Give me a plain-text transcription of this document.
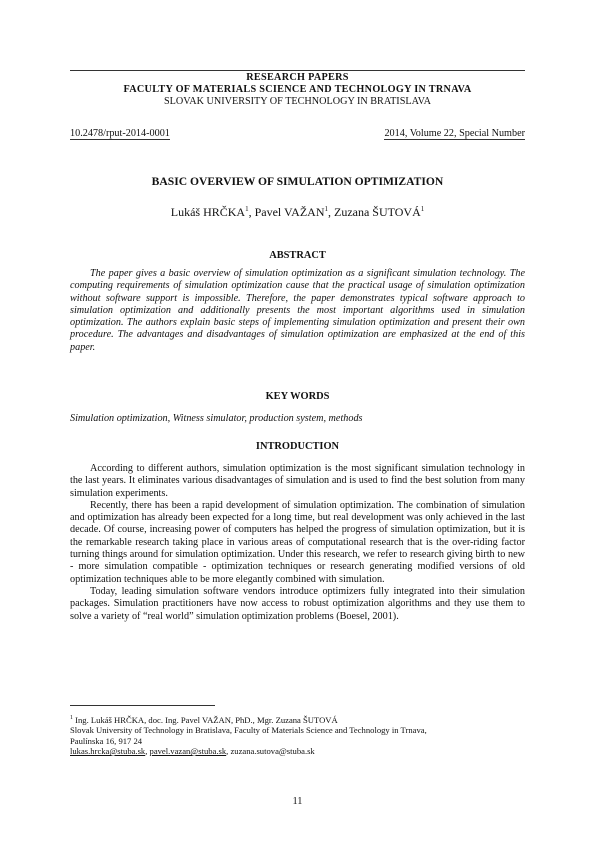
RESEARCH PAPERS
FACULTY OF MATERIALS SCIENCE AND TECHNOLOGY IN TRNAVA
SLOVAK UNIVERSITY OF TECHNOLOGY IN BRATISLAVA
10.2478/rput-2014-0001	2014, Volume 22, Special Number
BASIC OVERVIEW OF SIMULATION OPTIMIZATION
Lukáš HRČKA$^1$, Pavel VAŽAN$^1$, Zuzana ŠUTOVÁ$^1$
ABSTRACT

The paper gives a basic overview of simulation optimization as a significant simulation technology. The computing requirements of simulation optimization cause that the practical usage of simulation optimization without software support is impossible. Therefore, the paper demonstrates typical software approach to simulation optimization and additionally presents the most important algorithms used in simulation optimization. The authors explain basic steps of implementing simulation optimization and present their own procedure. The advantages and disadvantages of simulation optimization are emphasized at the end of this paper.

KEY WORDS
Simulation optimization, Witness simulator, production system, methods
INTRODUCTION

According to different authors, simulation optimization is the most significant simulation technology in the last years. It eliminates various disadvantages of simulation and is used to find the best solution from many simulation experiments.

Recently, there has been a rapid development of simulation optimization. The combination of simulation and optimization has already been expected for a long time, but real development was only achieved in the last decade. Of course, increasing power of computers has helped the progress of simulation optimization, but it is the remarkable research taking place in various areas of computational research that is the over-riding factor turning things around for simulation optimization. Under this research, we refer to research giving birth to new - more simulation compatible - optimization techniques or research generating modified versions of old optimization techniques able to be more elegantly combined with simulation.

Today, leading simulation software vendors introduce optimizers fully integrated into their simulation packages. Simulation practitioners have now access to robust optimization algorithms and they use them to solve a variety of “real world” simulation optimization problems (Boesel, 2001).

$^1$ Ing. Lukáš HRČKA, doc. Ing. Pavel VAŽAN, PhD., Mgr. Zuzana ŠUTOVÁ
Slovak University of Technology in Bratislava, Faculty of Materials Science and Technology in Trnava,
Paulínska 16, 917 24
lukas.hrcka@stuba.sk, pavel.vazan@stuba.sk, zuzana.sutova@stuba.sk
11
